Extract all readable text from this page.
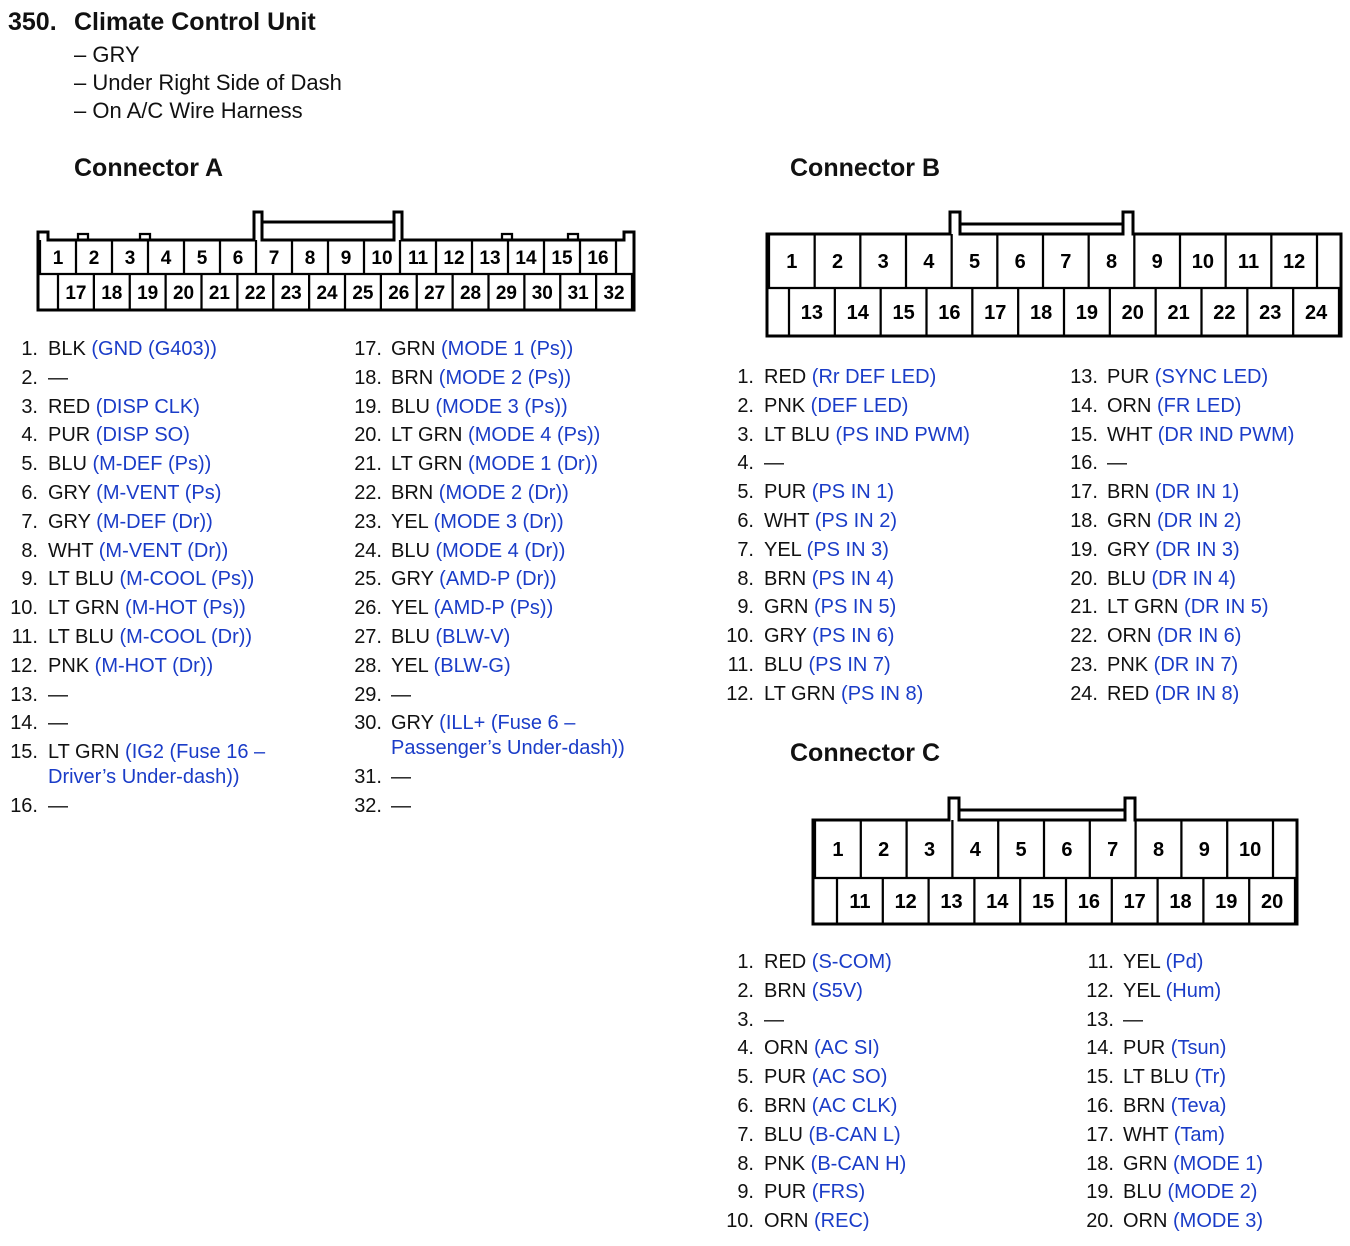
350. Climate Control Unit
– GRY
– Under Right Side of Dash
– On A/C Wire Harness
Connector A	Connector B
Connector C
1 2 3 4 5 6 7 8 9 10 11 12 13 14 15 16
17 18 19 20 21 22 23 24 25 26 27 28 29 30 31 32
1 2 3 4 5 6 7 8 9 10 11 12
13 14 15 16 17 18 19 20 21 22 23 24
1 2 3 4 5 6 7 8 9 10
11 12 13 14 15 16 17 18 19 20
1. BLK (GND (G403))
2. —
3. RED (DISP CLK)
4. PUR (DISP SO)
5. BLU (M-DEF (Ps))
6. GRY (M-VENT (Ps)
7. GRY (M-DEF (Dr))
8. WHT (M-VENT (Dr))
9. LT BLU (M-COOL (Ps))
10. LT GRN (M-HOT (Ps))
11. LT BLU (M-COOL (Dr))
12. PNK (M-HOT (Dr))
13. —
14. —
15. LT GRN (IG2 (Fuse 16 –
Driver’s Under-dash))
16. —
17. GRN (MODE 1 (Ps))
18. BRN (MODE 2 (Ps))
19. BLU (MODE 3 (Ps))
20. LT GRN (MODE 4 (Ps))
21. LT GRN (MODE 1 (Dr))
22. BRN (MODE 2 (Dr))
23. YEL (MODE 3 (Dr))
24. BLU (MODE 4 (Dr))
25. GRY (AMD-P (Dr))
26. YEL (AMD-P (Ps))
27. BLU (BLW-V)
28. YEL (BLW-G)
29. —
30. GRY (ILL+ (Fuse 6 –
Passenger’s Under-dash))
31. —
32. —
1. RED (Rr DEF LED)
2. PNK (DEF LED)
3. LT BLU (PS IND PWM)
4. —
5. PUR (PS IN 1)
6. WHT (PS IN 2)
7. YEL (PS IN 3)
8. BRN (PS IN 4)
9. GRN (PS IN 5)
10. GRY (PS IN 6)
11. BLU (PS IN 7)
12. LT GRN (PS IN 8)
13. PUR (SYNC LED)
14. ORN (FR LED)
15. WHT (DR IND PWM)
16. —
17. BRN (DR IN 1)
18. GRN (DR IN 2)
19. GRY (DR IN 3)
20. BLU (DR IN 4)
21. LT GRN (DR IN 5)
22. ORN (DR IN 6)
23. PNK (DR IN 7)
24. RED (DR IN 8)
1. RED (S-COM)
2. BRN (S5V)
3. —
4. ORN (AC SI)
5. PUR (AC SO)
6. BRN (AC CLK)
7. BLU (B-CAN L)
8. PNK (B-CAN H)
9. PUR (FRS)
10. ORN (REC)
11. YEL (Pd)
12. YEL (Hum)
13. —
14. PUR (Tsun)
15. LT BLU (Tr)
16. BRN (Teva)
17. WHT (Tam)
18. GRN (MODE 1)
19. BLU (MODE 2)
20. ORN (MODE 3)
